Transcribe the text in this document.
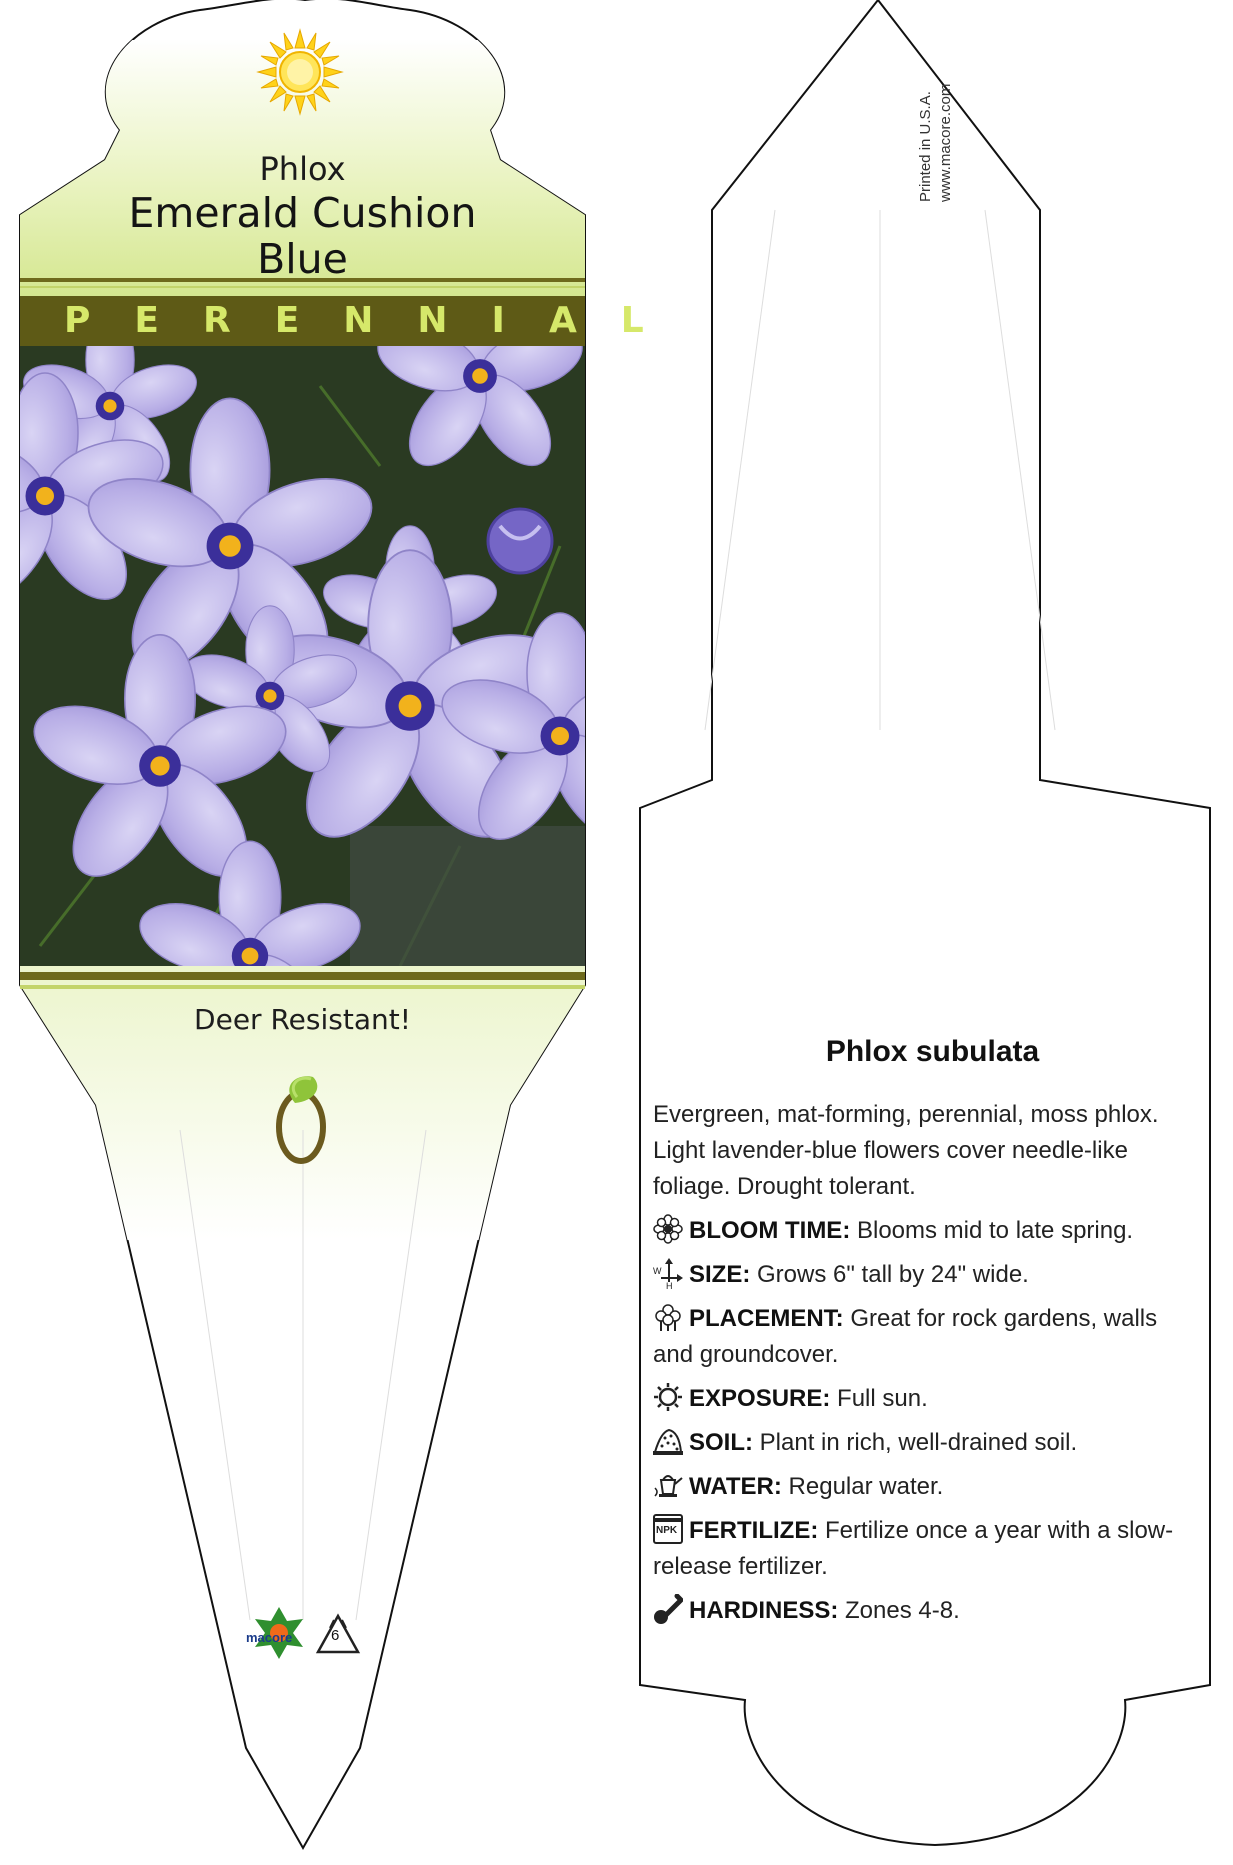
Phlox
Emerald Cushion
Blue
PERENNIAL
Deer Resistant!
macore	6
Printed in U.S.A. www.macore.com
Phlox subulata

Evergreen, mat-forming, perennial, moss phlox. Light lavender-blue flowers cover needle-like foliage. Drought tolerant.

BLOOM TIME: Blooms mid to late spring.
W
H SIZE: Grows 6" tall by 24" wide.
PLACEMENT: Great for rock gardens, walls and groundcover.
EXPOSURE: Full sun.
SOIL: Plant in rich, well-drained soil.
WATER: Regular water.
NPK FERTILIZE: Fertilize once a year with a slow-release fertilizer.
HARDINESS: Zones 4-8.
